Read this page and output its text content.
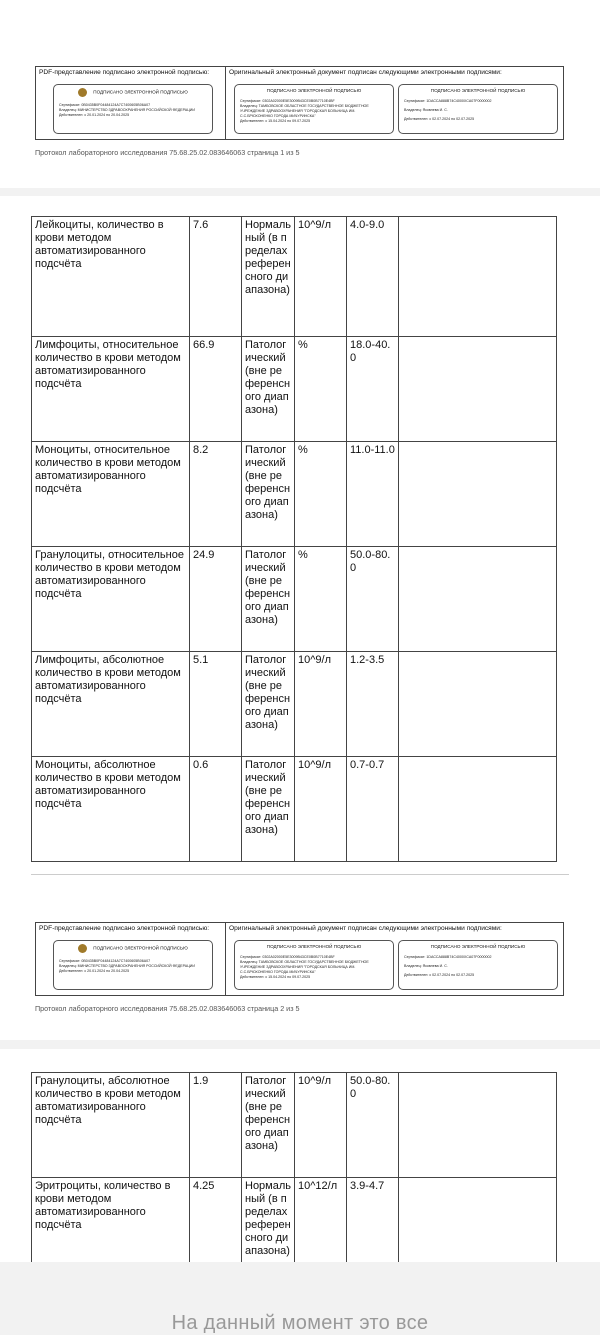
PDF-представление подписано электронной подписью:
ПОДПИСАНО ЭЛЕКТРОННОЙ ПОДПИСЬЮ
Сертификат: 0B0435B0F04484124A7C7400605B06A07
Владелец: МИНИСТЕРСТВО ЗДРАВООХРАНЕНИЯ РОССИЙСКОЙ ФЕДЕРАЦИИ
Действителен: с 20.01.2024 по 20.04.2025
Оригинальный электронный документ подписан следующими электронными подписями:
ПОДПИСАНО ЭЛЕКТРОННОЙ ПОДПИСЬЮ
Сертификат: 0302A02000E5E3009B43CE0B0B7710E4BF
Владелец: ТАМБОВСКОЕ ОБЛАСТНОЕ ГОСУДАРСТВЕННОЕ БЮДЖЕТНОЕ УЧРЕЖДЕНИЕ ЗДРАВООХРАНЕНИЯ "ГОРОДСКАЯ БОЛЬНИЦА ИМ. С.С.БРЮХОНЕНКО ГОРОДА МИЧУРИНСКА"
Действителен: с 15.04.2024 по 09.07.2025
ПОДПИСАНО ЭЛЕКТРОННОЙ ПОДПИСЬЮ
Сертификат: 1DACCA888B74C4000XCA07F0000002
Владелец: Яковлева И. С.
Действителен: с 02.07.2024 по 02.07.2025
Протокол лабораторного исследования 75.68.25.02.083646063 страница 1 из 5
PDF-представление подписано электронной подписью:
ПОДПИСАНО ЭЛЕКТРОННОЙ ПОДПИСЬЮ
Сертификат: 0B0435B0F04484124A7C7400605B06A07
Владелец: МИНИСТЕРСТВО ЗДРАВООХРАНЕНИЯ РОССИЙСКОЙ ФЕДЕРАЦИИ
Действителен: с 20.01.2024 по 20.04.2025
Оригинальный электронный документ подписан следующими электронными подписями:
ПОДПИСАНО ЭЛЕКТРОННОЙ ПОДПИСЬЮ
Сертификат: 0302A02000E5E3009B43CE0B0B7710E4BF
Владелец: ТАМБОВСКОЕ ОБЛАСТНОЕ ГОСУДАРСТВЕННОЕ БЮДЖЕТНОЕ УЧРЕЖДЕНИЕ ЗДРАВООХРАНЕНИЯ "ГОРОДСКАЯ БОЛЬНИЦА ИМ. С.С.БРЮХОНЕНКО ГОРОДА МИЧУРИНСКА"
Действителен: с 15.04.2024 по 09.07.2025
ПОДПИСАНО ЭЛЕКТРОННОЙ ПОДПИСЬЮ
Сертификат: 1DACCA888B74C4000XCA07F0000002
Владелец: Яковлева И. С.
Действителен: с 02.07.2024 по 02.07.2025
Протокол лабораторного исследования 75.68.25.02.083646063 страница 2 из 5
Лейкоциты, количество в крови методом автоматизированного подсчёта	7.6	Нормальный (в пределах референсного диапазона)	10^9/л	4.0-9.0	
Лимфоциты, относительное количество в крови методом автоматизированного подсчёта	66.9	Патологический (вне референсного диапазона)	%	18.0-40.0	
Моноциты, относительное количество в крови методом автоматизированного подсчёта	8.2	Патологический (вне референсного диапазона)	%	11.0-11.0	
Гранулоциты, относительное количество в крови методом автоматизированного подсчёта	24.9	Патологический (вне референсного диапазона)	%	50.0-80.0	
Лимфоциты, абсолютное количество в крови методом автоматизированного подсчёта	5.1	Патологический (вне референсного диапазона)	10^9/л	1.2-3.5	
Моноциты, абсолютное количество в крови методом автоматизированного подсчёта	0.6	Патологический (вне референсного диапазона)	10^9/л	0.7-0.7	
Гранулоциты, абсолютное количество в крови методом автоматизированного подсчёта	1.9	Патологический (вне референсного диапазона)	10^9/л	50.0-80.0	
Эритроциты, количество в крови методом автоматизированного подсчёта	4.25	Нормальный (в пределах референсного диапазона)	10^12/л	3.9-4.7	
На данный момент это все
